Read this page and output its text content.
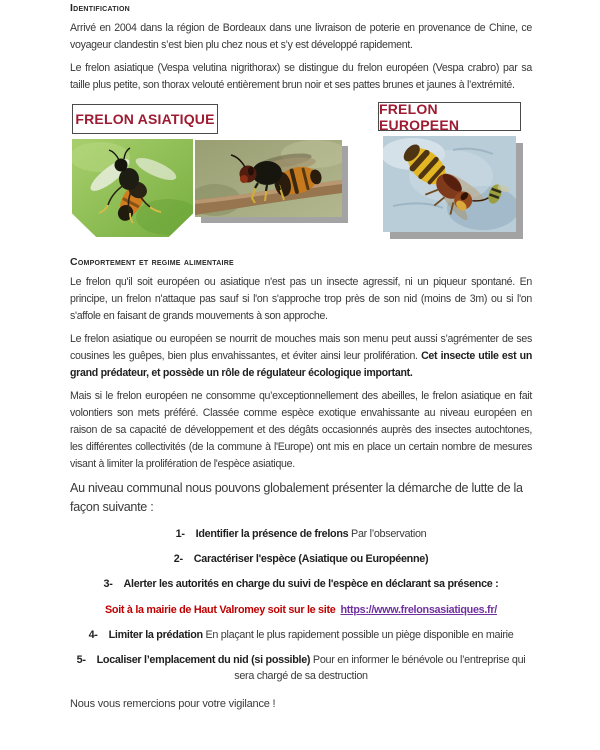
Identification

Arrivé en 2004 dans la région de Bordeaux dans une livraison de poterie en provenance de Chine, ce voyageur clandestin s’est bien plu chez nous et s’y est développé rapidement.

Le frelon asiatique (Vespa velutina nigrithorax) se distingue du frelon européen (Vespa crabro) par sa taille plus petite, son thorax velouté entièrement brun noir et ses pattes brunes et jaunes à l’extrémité.

FRELON ASIATIQUE
FRELON EUROPEEN
Comportement et regime alimentaire

Le frelon qu'il soit européen ou asiatique n'est pas un insecte agressif, ni un piqueur spontané. En principe, un frelon n'attaque pas sauf si l'on s'approche trop près de son nid (moins de 3m) ou si l'on s'affole en faisant de grands mouvements à son approche.

Le frelon asiatique ou européen se nourrit de mouches mais son menu peut aussi s’agrémenter de ses cousines les guêpes, bien plus envahissantes, et éviter ainsi leur prolifération. Cet insecte utile est un grand prédateur, et possède un rôle de régulateur écologique important.

Mais si le frelon européen ne consomme qu’exceptionnellement des abeilles, le frelon asiatique en fait volontiers son mets préféré. Classée comme espèce exotique envahissante au niveau européen en raison de sa capacité de développement et des dégâts occasionnés auprès des insectes autochtones, les différentes collectivités (de la commune à l'Europe) ont mis en place un certain nombre de mesures visant à limiter la prolifération de l'espèce asiatique.

Au niveau communal nous pouvons globalement présenter la démarche de lutte de la façon suivante :

1- Identifier la présence de frelons Par l’observation
2- Caractériser l'espèce (Asiatique ou Européenne)
3- Alerter les autorités en charge du suivi de l'espèce en déclarant sa présence :
Soit à la mairie de Haut Valromey soit sur le site https://www.frelonsasiatiques.fr/
4- Limiter la prédation En plaçant le plus rapidement possible un piège disponible en mairie
5- Localiser l’emplacement du nid (si possible) Pour en informer le bénévole ou l’entreprise qui sera chargé de sa destruction

Nous vous remercions pour votre vigilance !
